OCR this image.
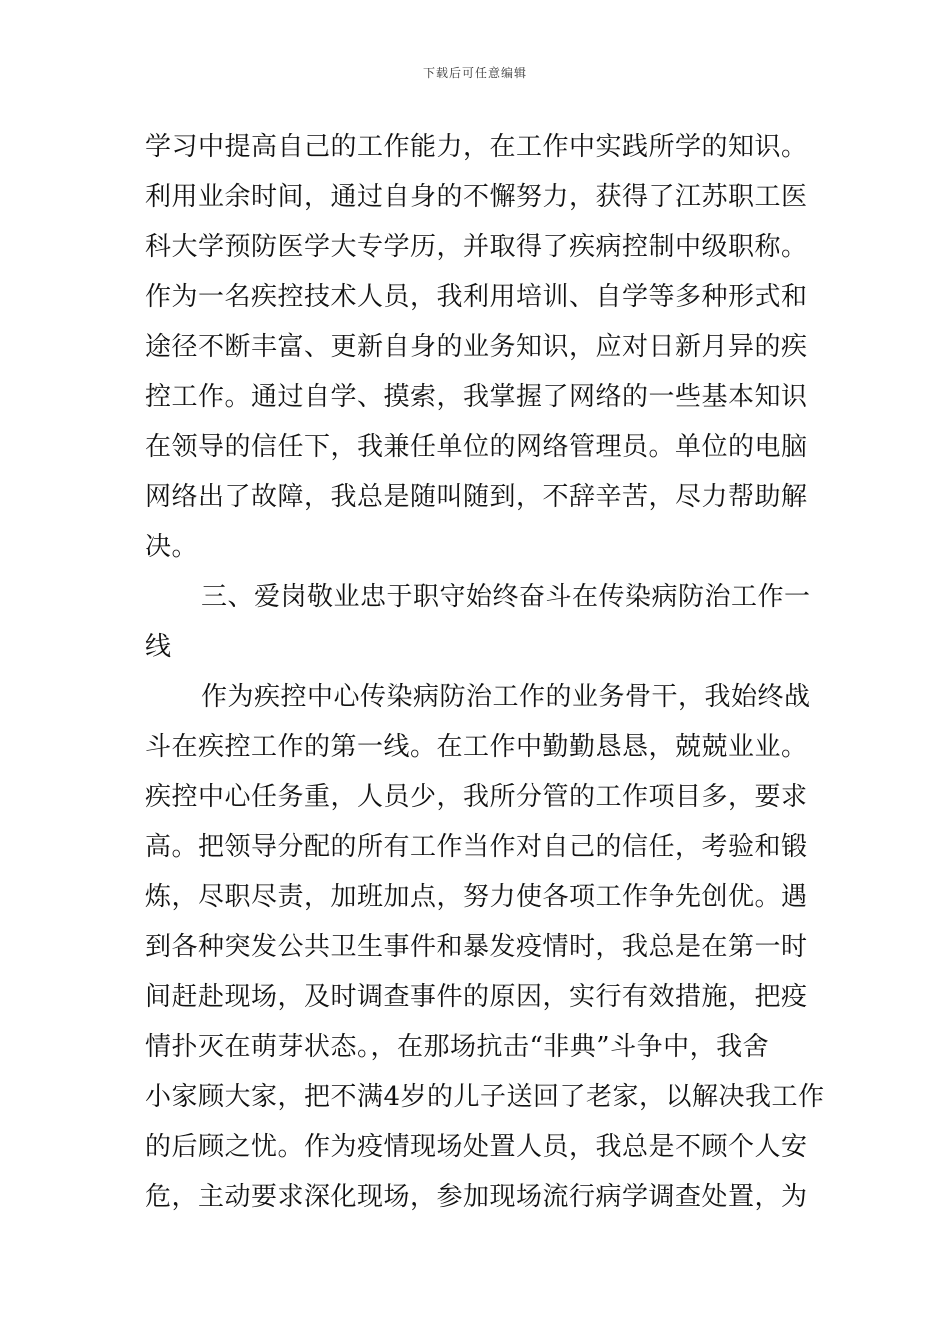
下载后可任意编辑
学习中提高自己的工作能力，在工作中实践所学的知识。
利用业余时间，通过自身的不懈努力，获得了江苏职工医
科大学预防医学大专学历，并取得了疾病控制中级职称。
作为一名疾控技术人员，我利用培训、自学等多种形式和
途径不断丰富、更新自身的业务知识，应对日新月异的疾
控工作。通过自学、摸索，我掌握了网络的一些基本知识
在领导的信任下，我兼任单位的网络管理员。单位的电脑
网络出了故障，我总是随叫随到，不辞辛苦，尽力帮助解
决。
三、爱岗敬业忠于职守始终奋斗在传染病防治工作一
线
作为疾控中心传染病防治工作的业务骨干，我始终战
斗在疾控工作的第一线。在工作中勤勤恳恳，兢兢业业。
疾控中心任务重，人员少，我所分管的工作项目多，要求
高。把领导分配的所有工作当作对自己的信任，考验和锻
炼，尽职尽责，加班加点，努力使各项工作争先创优。遇
到各种突发公共卫生事件和暴发疫情时，我总是在第一时
间赶赴现场，及时调查事件的原因，实行有效措施，把疫
情扑灭在萌芽状态。，在那场抗击“非典”斗争中，我舍
小家顾大家，把不满4岁的儿子送回了老家，以解决我工作
的后顾之忧。作为疫情现场处置人员，我总是不顾个人安
危，主动要求深化现场，参加现场流行病学调查处置，为
